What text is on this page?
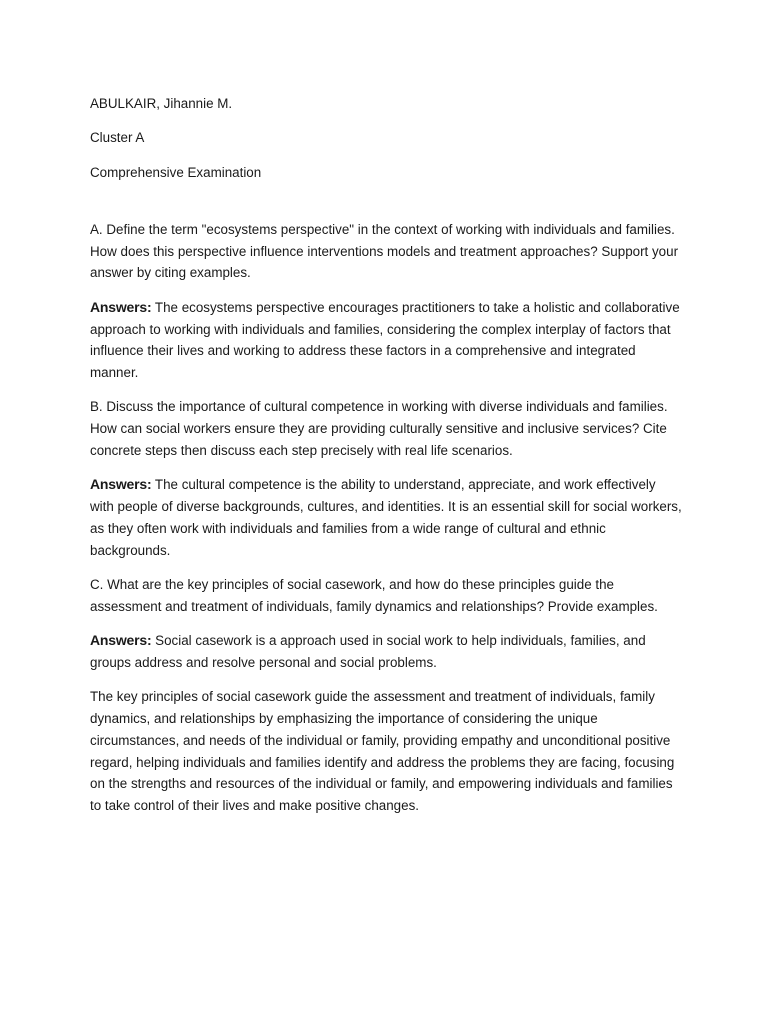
ABULKAIR, Jihannie M.

Cluster A

Comprehensive Examination

A. Define the term "ecosystems perspective" in the context of working with individuals and families. How does this perspective influence interventions models and treatment approaches? Support your answer by citing examples.

Answers: The ecosystems perspective encourages practitioners to take a holistic and collaborative approach to working with individuals and families, considering the complex interplay of factors that influence their lives and working to address these factors in a comprehensive and integrated manner.

B. Discuss the importance of cultural competence in working with diverse individuals and families. How can social workers ensure they are providing culturally sensitive and inclusive services? Cite concrete steps then discuss each step precisely with real life scenarios.

Answers: The cultural competence is the ability to understand, appreciate, and work effectively with people of diverse backgrounds, cultures, and identities. It is an essential skill for social workers, as they often work with individuals and families from a wide range of cultural and ethnic backgrounds.

C. What are the key principles of social casework, and how do these principles guide the assessment and treatment of individuals, family dynamics and relationships? Provide examples.

Answers: Social casework is a approach used in social work to help individuals, families, and groups address and resolve personal and social problems.

The key principles of social casework guide the assessment and treatment of individuals, family dynamics, and relationships by emphasizing the importance of considering the unique circumstances, and needs of the individual or family, providing empathy and unconditional positive regard, helping individuals and families identify and address the problems they are facing, focusing on the strengths and resources of the individual or family, and empowering individuals and families to take control of their lives and make positive changes.
